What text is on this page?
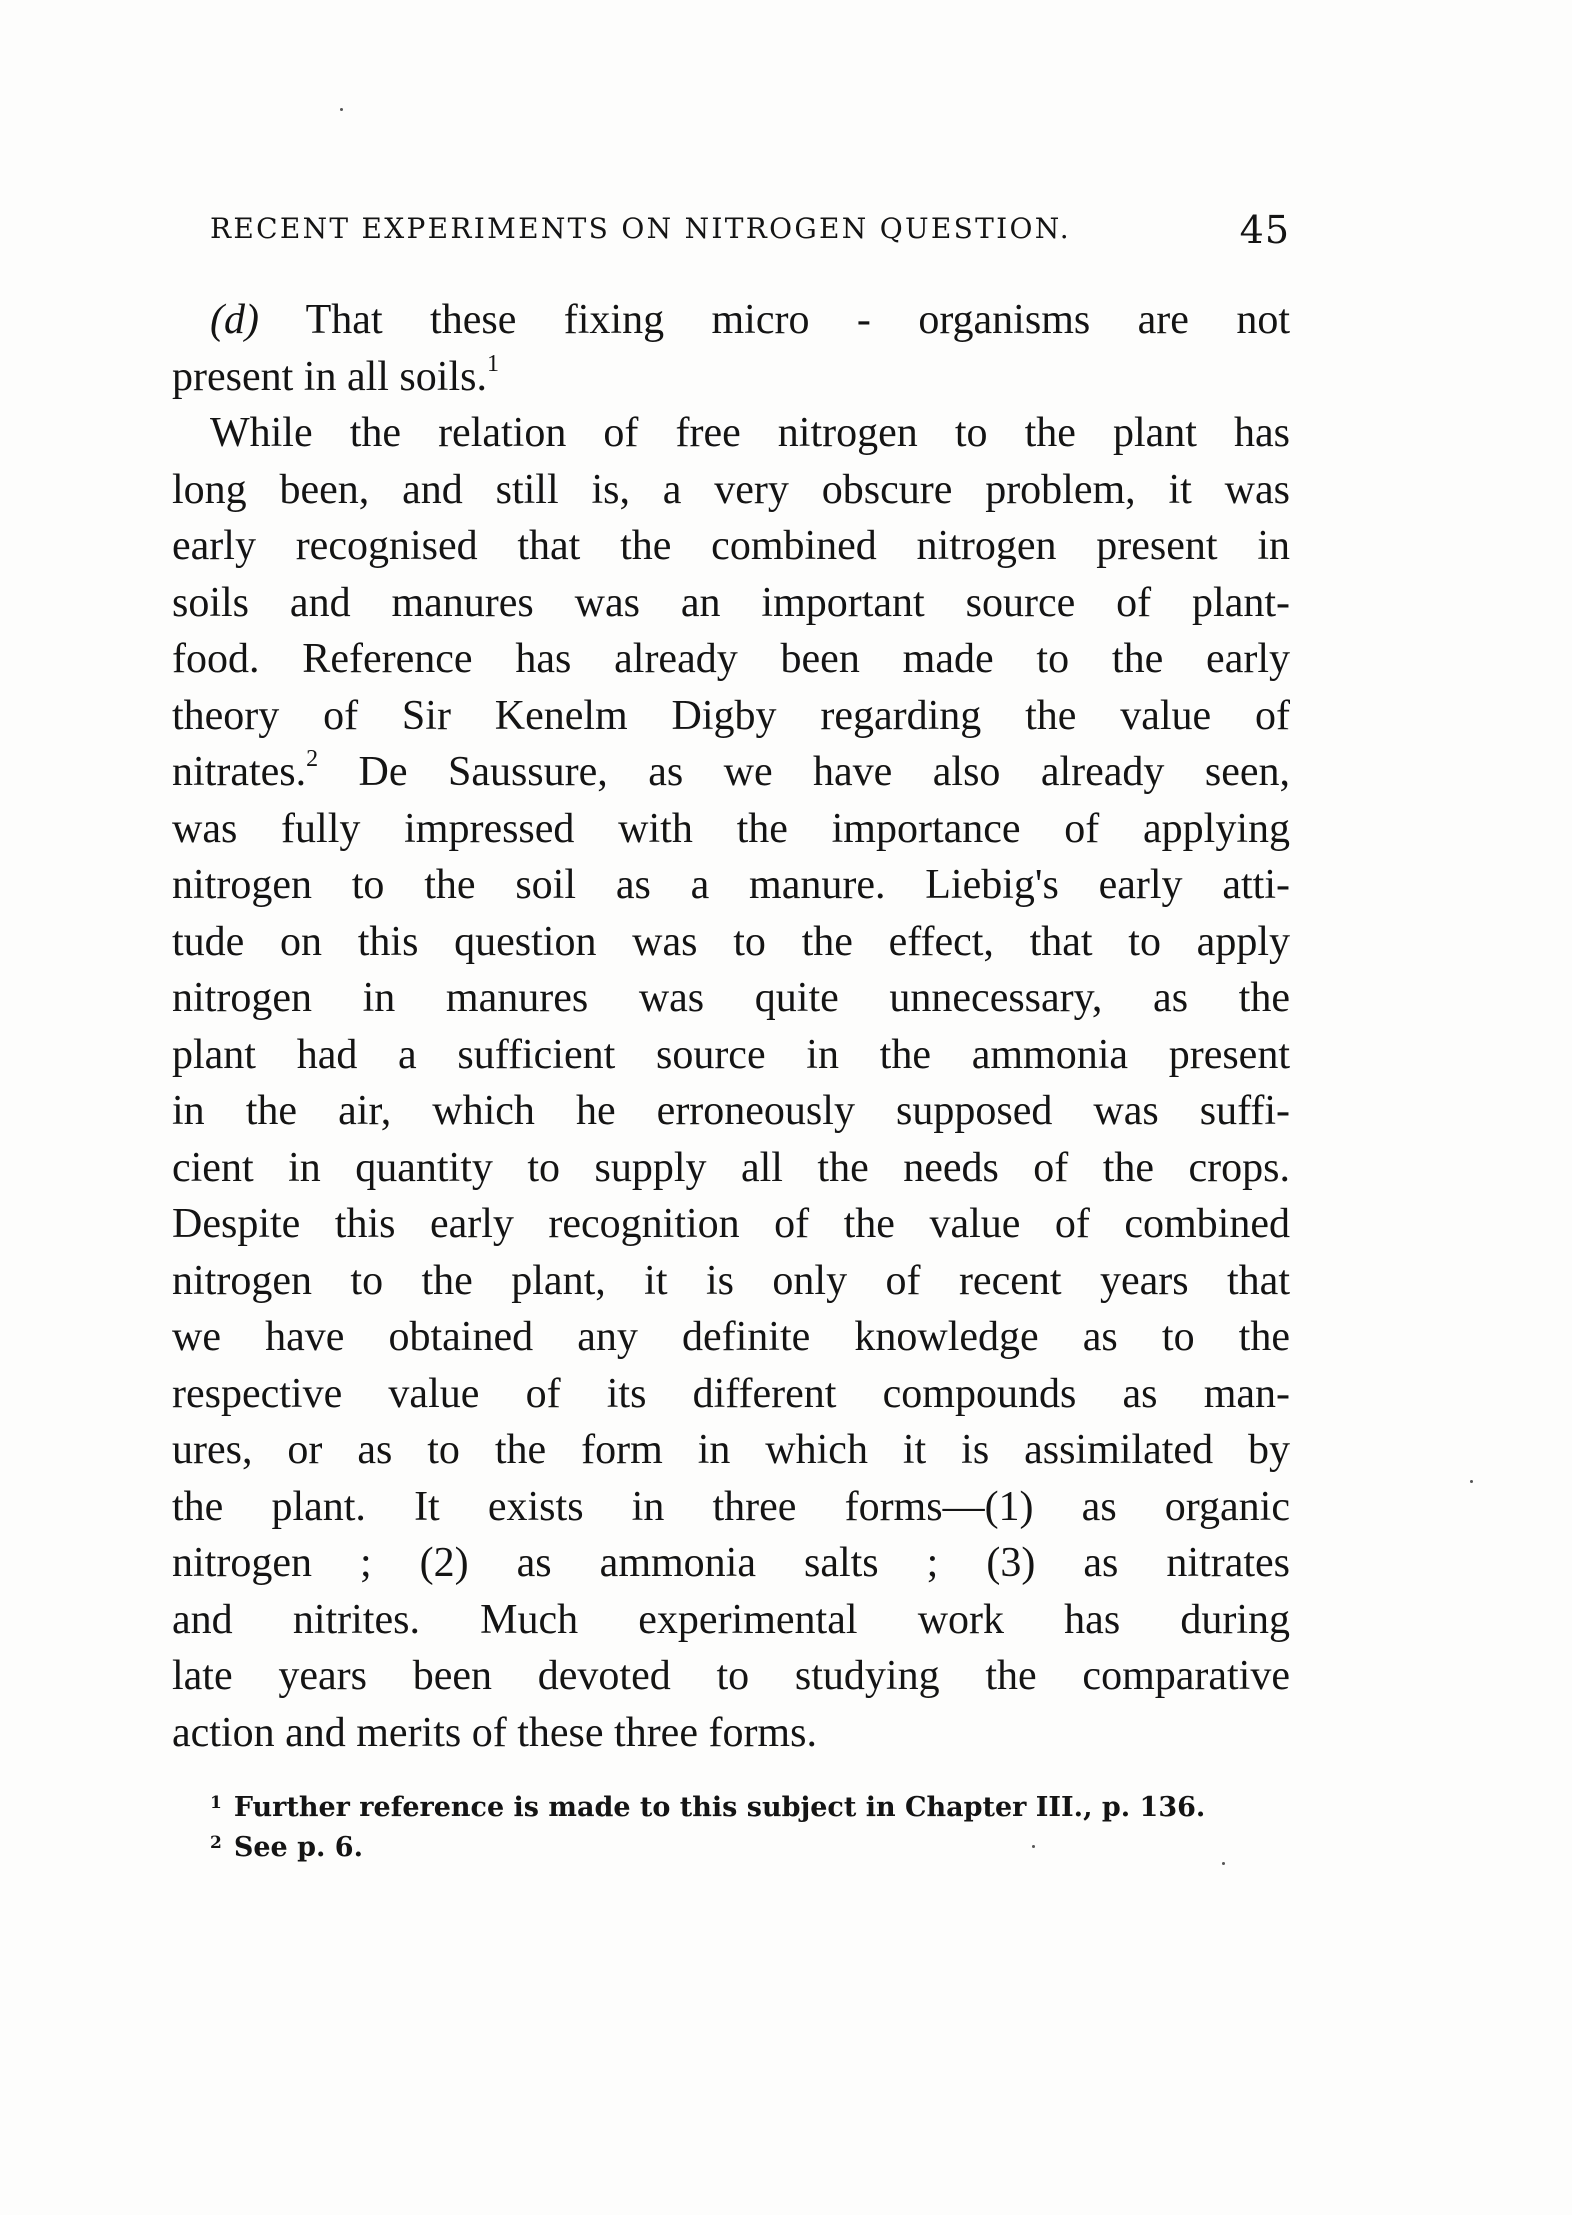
RECENT EXPERIMENTS ON NITROGEN QUESTION.	45
(d) That these fixing micro - organisms are not
present in all soils.$^1$
While the relation of free nitrogen to the plant has
long been, and still is, a very obscure problem, it was
early recognised that the combined nitrogen present in
soils and manures was an important source of plant-
food. Reference has already been made to the early
theory of Sir Kenelm Digby regarding the value of
nitrates.$^2$ De Saussure, as we have also already seen,
was fully impressed with the importance of applying
nitrogen to the soil as a manure. Liebig's early atti-
tude on this question was to the effect, that to apply
nitrogen in manures was quite unnecessary, as the
plant had a sufficient source in the ammonia present
in the air, which he erroneously supposed was suffi-
cient in quantity to supply all the needs of the crops.
Despite this early recognition of the value of combined
nitrogen to the plant, it is only of recent years that
we have obtained any definite knowledge as to the
respective value of its different compounds as man-
ures, or as to the form in which it is assimilated by
the plant. It exists in three forms—(1) as organic
nitrogen ; (2) as ammonia salts ; (3) as nitrates
and nitrites. Much experimental work has during
late years been devoted to studying the comparative
action and merits of these three forms.
$^1$ Further reference is made to this subject in Chapter III., p. 136.
$^2$ See p. 6.
